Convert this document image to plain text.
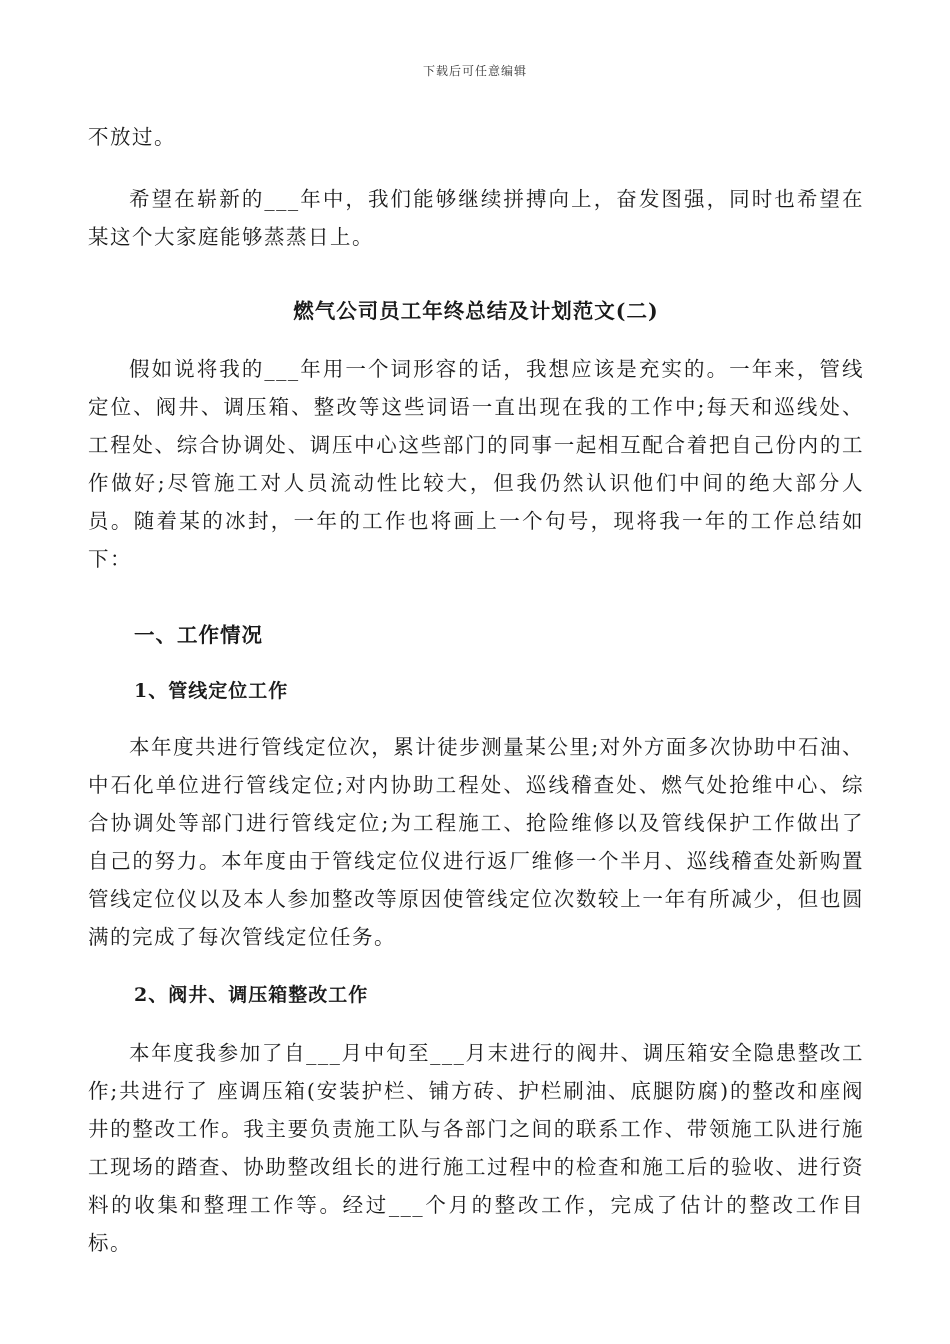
下载后可任意编辑

不放过。

希望在崭新的___年中，我们能够继续拼搏向上，奋发图强，同时也希望在某这个大家庭能够蒸蒸日上。

燃气公司员工年终总结及计划范文(二)

假如说将我的___年用一个词形容的话，我想应该是充实的。一年来，管线定位、阀井、调压箱、整改等这些词语一直出现在我的工作中;每天和巡线处、工程处、综合协调处、调压中心这些部门的同事一起相互配合着把自己份内的工作做好;尽管施工对人员流动性比较大，但我仍然认识他们中间的绝大部分人员。随着某的冰封，一年的工作也将画上一个句号，现将我一年的工作总结如下：

一、工作情况
1、管线定位工作

本年度共进行管线定位次，累计徒步测量某公里;对外方面多次协助中石油、中石化单位进行管线定位;对内协助工程处、巡线稽查处、燃气处抢维中心、综合协调处等部门进行管线定位;为工程施工、抢险维修以及管线保护工作做出了自己的努力。本年度由于管线定位仪进行返厂维修一个半月、巡线稽查处新购置管线定位仪以及本人参加整改等原因使管线定位次数较上一年有所减少，但也圆满的完成了每次管线定位任务。

2、阀井、调压箱整改工作

本年度我参加了自___月中旬至___月末进行的阀井、调压箱安全隐患整改工作;共进行了 座调压箱(安装护栏、铺方砖、护栏刷油、底腿防腐)的整改和座阀井的整改工作。我主要负责施工队与各部门之间的联系工作、带领施工队进行施工现场的踏查、协助整改组长的进行施工过程中的检查和施工后的验收、进行资料的收集和整理工作等。经过___个月的整改工作，完成了估计的整改工作目标。
